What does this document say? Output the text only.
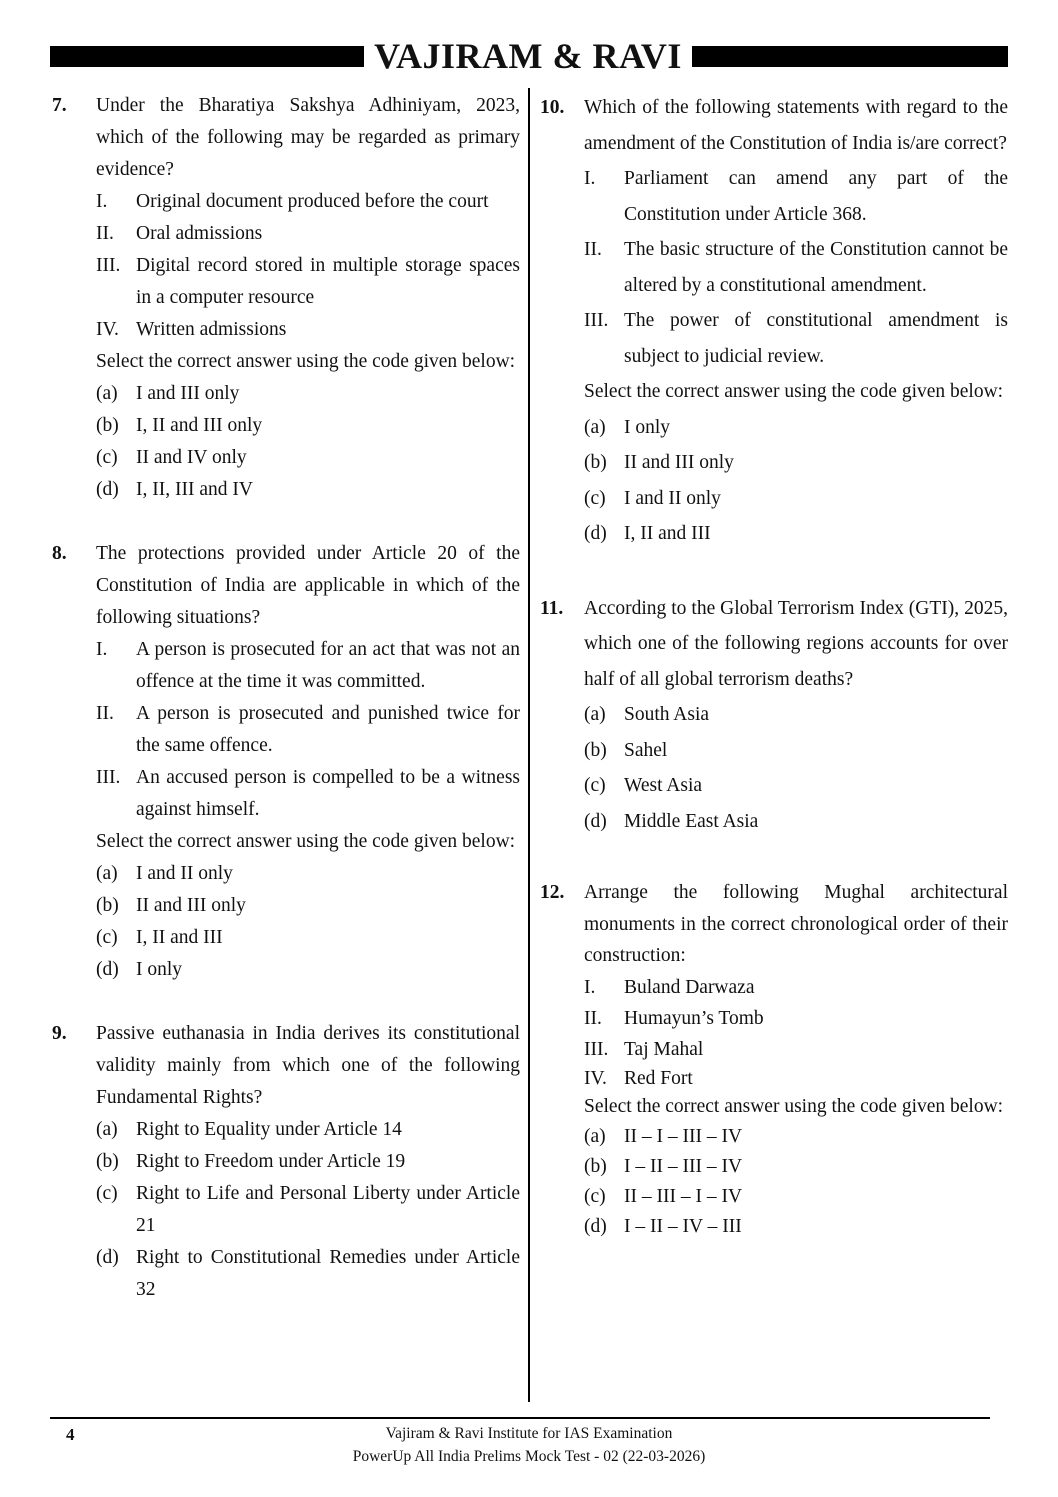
VAJIRAM & RAVI
7. Under the Bharatiya Sakshya Adhiniyam, 2023, which of the following may be regarded as primary evidence?
I. Original document produced before the court
II. Oral admissions
III. Digital record stored in multiple storage spaces in a computer resource
IV. Written admissions
Select the correct answer using the code given below:
(a) I and III only
(b) I, II and III only
(c) II and IV only
(d) I, II, III and IV
8. The protections provided under Article 20 of the Constitution of India are applicable in which of the following situations?
I. A person is prosecuted for an act that was not an offence at the time it was committed.
II. A person is prosecuted and punished twice for the same offence.
III. An accused person is compelled to be a witness against himself.
Select the correct answer using the code given below:
(a) I and II only
(b) II and III only
(c) I, II and III
(d) I only
9. Passive euthanasia in India derives its constitutional validity mainly from which one of the following Fundamental Rights?
(a) Right to Equality under Article 14
(b) Right to Freedom under Article 19
(c) Right to Life and Personal Liberty under Article 21
(d) Right to Constitutional Remedies under Article 32
10. Which of the following statements with regard to the amendment of the Constitution of India is/are correct?
I. Parliament can amend any part of the Constitution under Article 368.
II. The basic structure of the Constitution cannot be altered by a constitutional amendment.
III. The power of constitutional amendment is subject to judicial review.
Select the correct answer using the code given below:
(a) I only
(b) II and III only
(c) I and II only
(d) I, II and III
11. According to the Global Terrorism Index (GTI), 2025, which one of the following regions accounts for over half of all global terrorism deaths?
(a) South Asia
(b) Sahel
(c) West Asia
(d) Middle East Asia
12. Arrange the following Mughal architectural monuments in the correct chronological order of their construction:
I. Buland Darwaza
II. Humayun’s Tomb
III. Taj Mahal
IV. Red Fort
Select the correct answer using the code given below:
(a) II – I – III – IV
(b) I – II – III – IV
(c) II – III – I – IV
(d) I – II – IV – III
4	Vajiram & Ravi Institute for IAS Examination
PowerUp All India Prelims Mock Test - 02 (22-03-2026)
